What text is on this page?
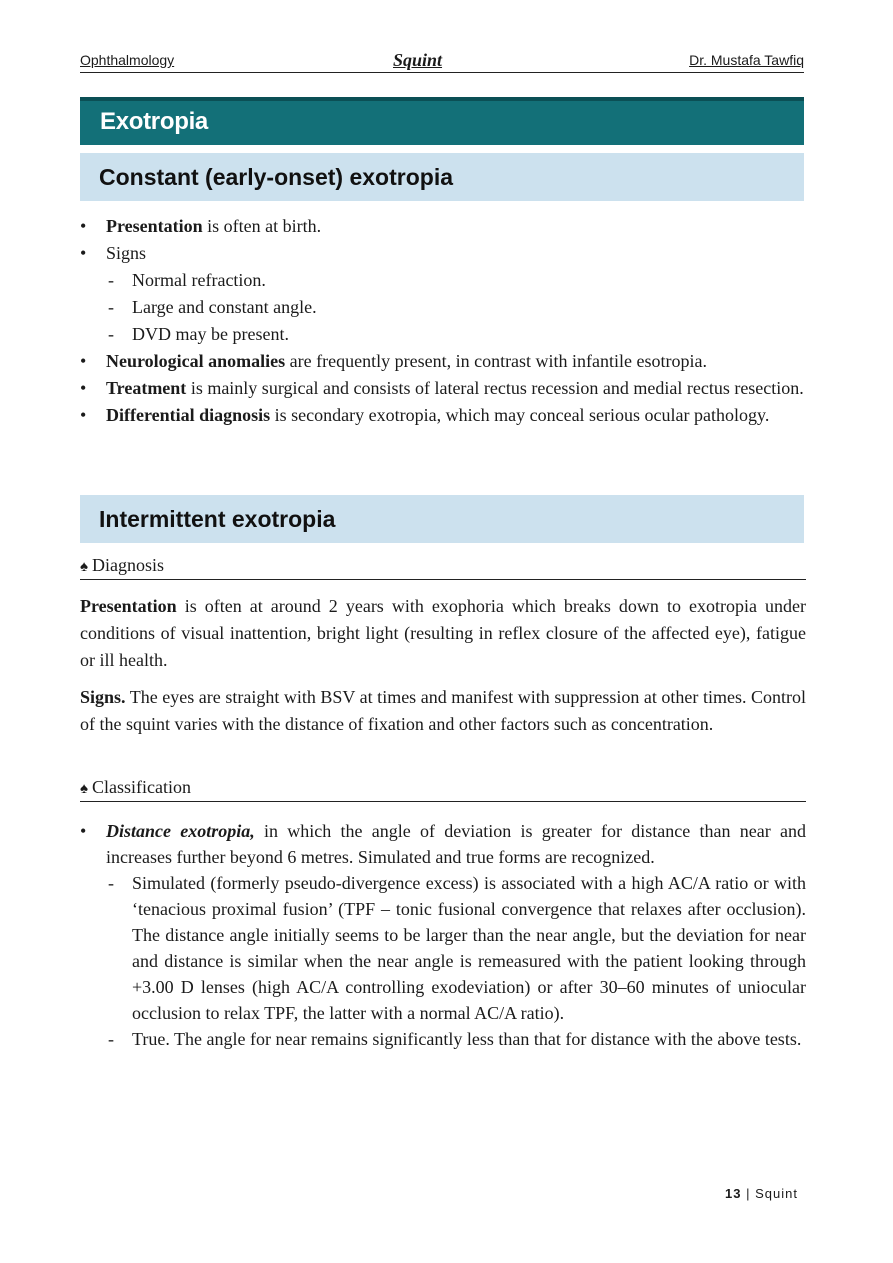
Ophthalmology	Squint	Dr. Mustafa Tawfiq
Exotropia
Constant (early-onset) exotropia
• Presentation is often at birth.
• Signs
- Normal refraction.
- Large and constant angle.
- DVD may be present.
• Neurological anomalies are frequently present, in contrast with infantile esotropia.
• Treatment is mainly surgical and consists of lateral rectus recession and medial rectus resection.
• Differential diagnosis is secondary exotropia, which may conceal serious ocular pathology.
Intermittent exotropia
♠ Diagnosis

Presentation is often at around 2 years with exophoria which breaks down to exotropia under conditions of visual inattention, bright light (resulting in reflex closure of the affected eye), fatigue or ill health.

Signs. The eyes are straight with BSV at times and manifest with suppression at other times. Control of the squint varies with the distance of fixation and other factors such as concentration.

♠ Classification
• Distance exotropia, in which the angle of deviation is greater for distance than near and increases further beyond 6 metres. Simulated and true forms are recognized.
- Simulated (formerly pseudo-divergence excess) is associated with a high AC/A ratio or with ‘tenacious proximal fusion’ (TPF – tonic fusional convergence that relaxes after occlusion). The distance angle initially seems to be larger than the near angle, but the deviation for near and distance is similar when the near angle is remeasured with the patient looking through +3.00 D lenses (high AC/A controlling exodeviation) or after 30–60 minutes of uniocular occlusion to relax TPF, the latter with a normal AC/A ratio).
- True. The angle for near remains significantly less than that for distance with the above tests.
13 | Squint
